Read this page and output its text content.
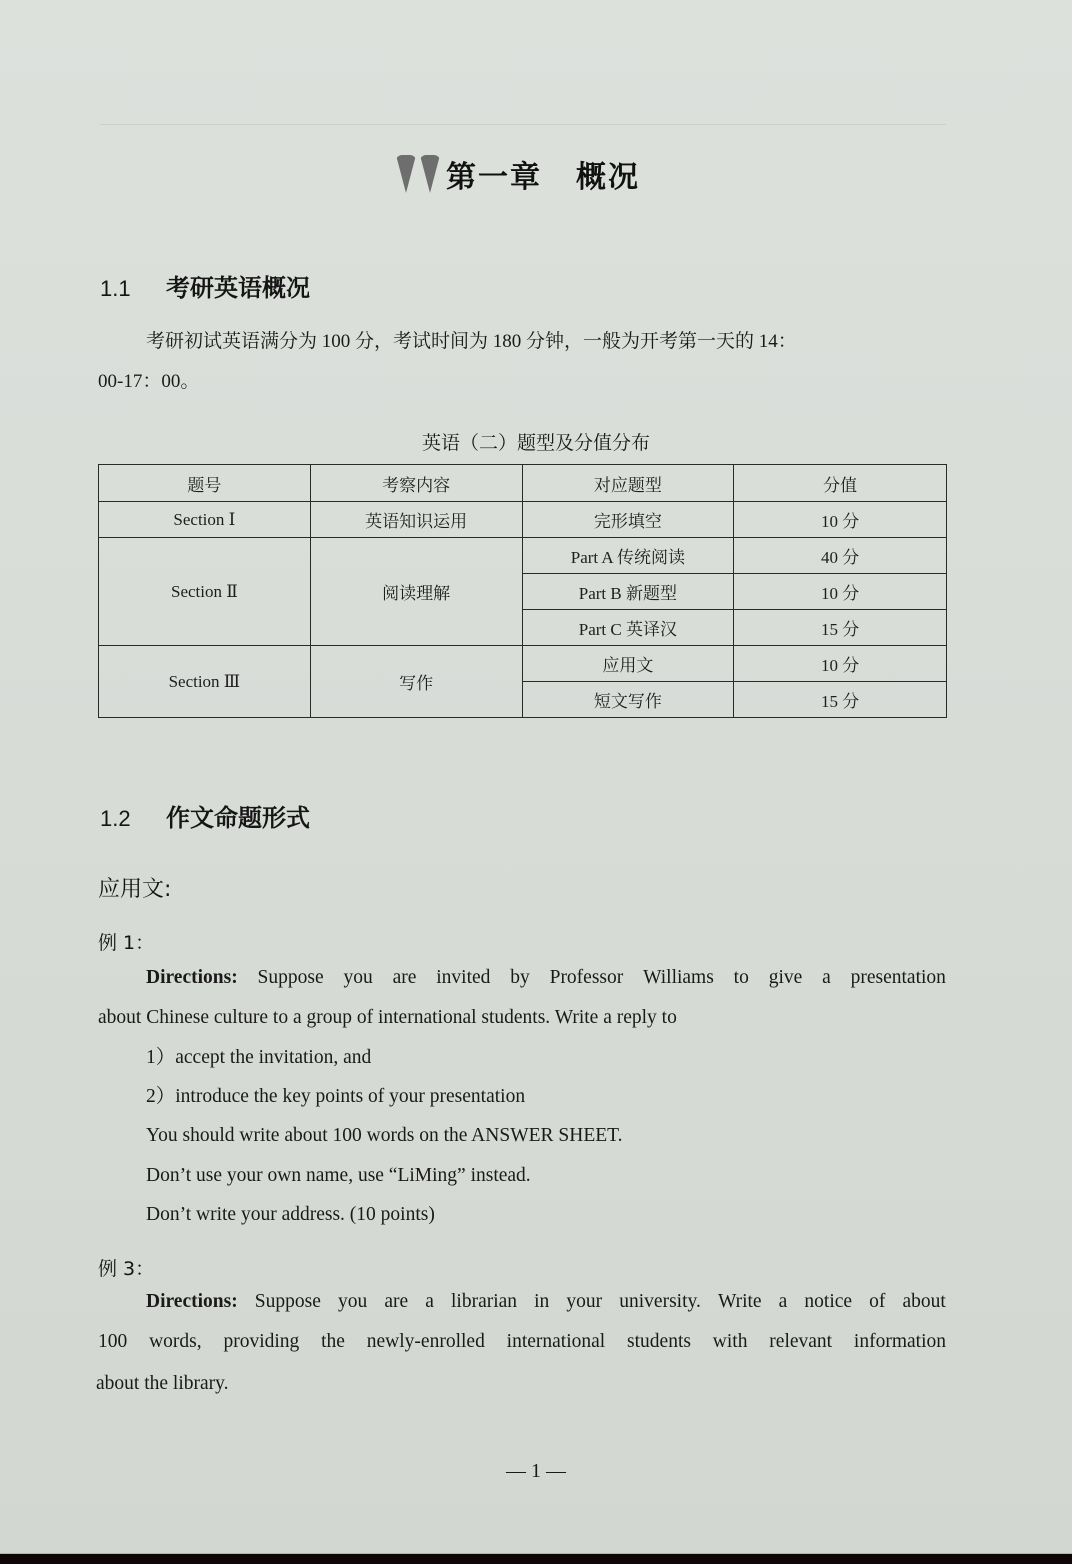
第一章 概况
1.1	考研英语概况
考研初试英语满分为 100 分，考试时间为 180 分钟，一般为开考第一天的 14：
00-17：00。
英语（二）题型及分值分布
题号	考察内容	对应题型	分值
Section Ⅰ	英语知识运用	完形填空	10 分
Section Ⅱ	阅读理解	Part A 传统阅读	40 分
		Part B 新题型	10 分
		Part C 英译汉	15 分
Section Ⅲ	写作	应用文	10 分
		短文写作	15 分
1.2	作文命题形式
应用文:
例 1：
Directions: Suppose you are invited by Professor Williams to give a presentation
about Chinese culture to a group of international students. Write a reply to
1）accept the invitation, and
2）introduce the key points of your presentation
You should write about 100 words on the ANSWER SHEET.
Don’t use your own name, use “LiMing” instead.
Don’t write your address. (10 points)
例 3：
Directions: Suppose you are a librarian in your university. Write a notice of about
100 words, providing the newly-enrolled international students with relevant information
about the library.
— 1 —
